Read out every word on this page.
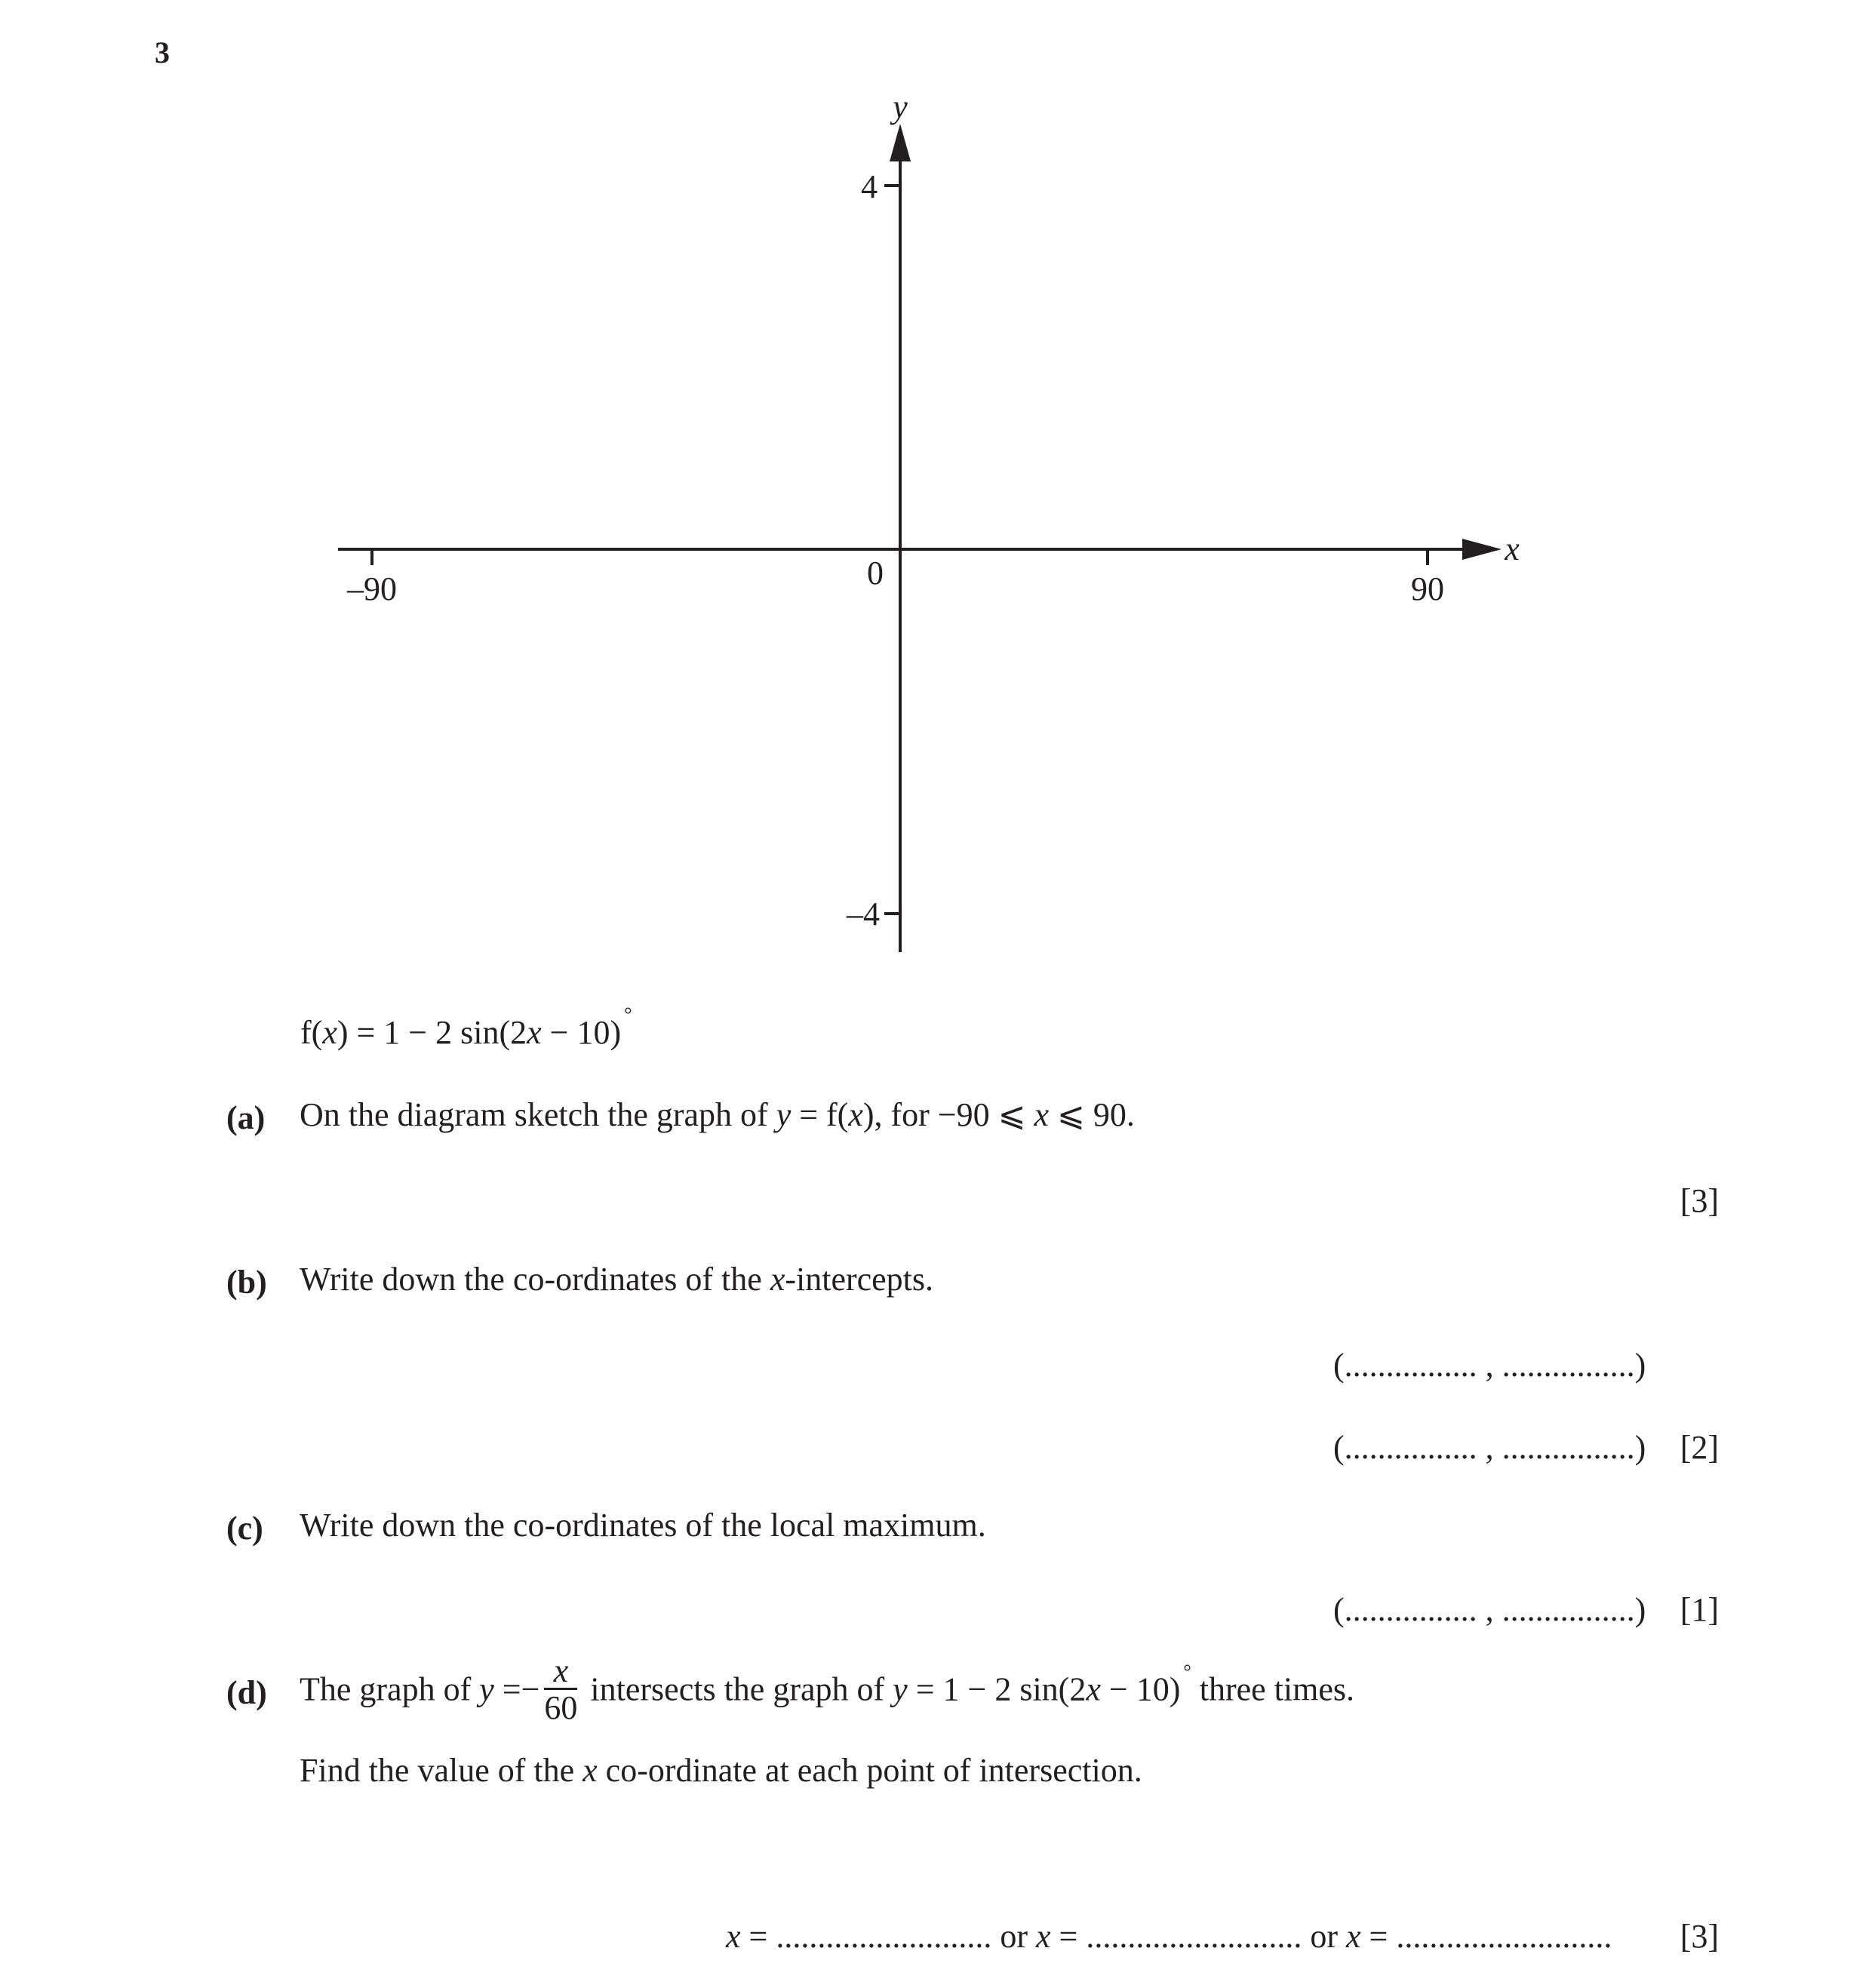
3
y
x
4
–4
–90	90
0
f(x) = 1 − 2 sin(2x − 10) °
(a) On the diagram sketch the graph of y = f(x), for −90 ⩽ x ⩽ 90.
[3]
(b) Write down the co-ordinates of the x-intercepts.
(................ , ................)
(................ , ................) [2]
(c) Write down the co-ordinates of the local maximum.
(................ , ................) [1]
(d) The graph of $y =- \frac{x}{60}$ intersects the graph of y = 1 − 2 sin(2x − 10) ° three times.
Find the value of the x co-ordinate at each point of intersection.
x = .......................... or x = .......................... or x = .......................... [3]
